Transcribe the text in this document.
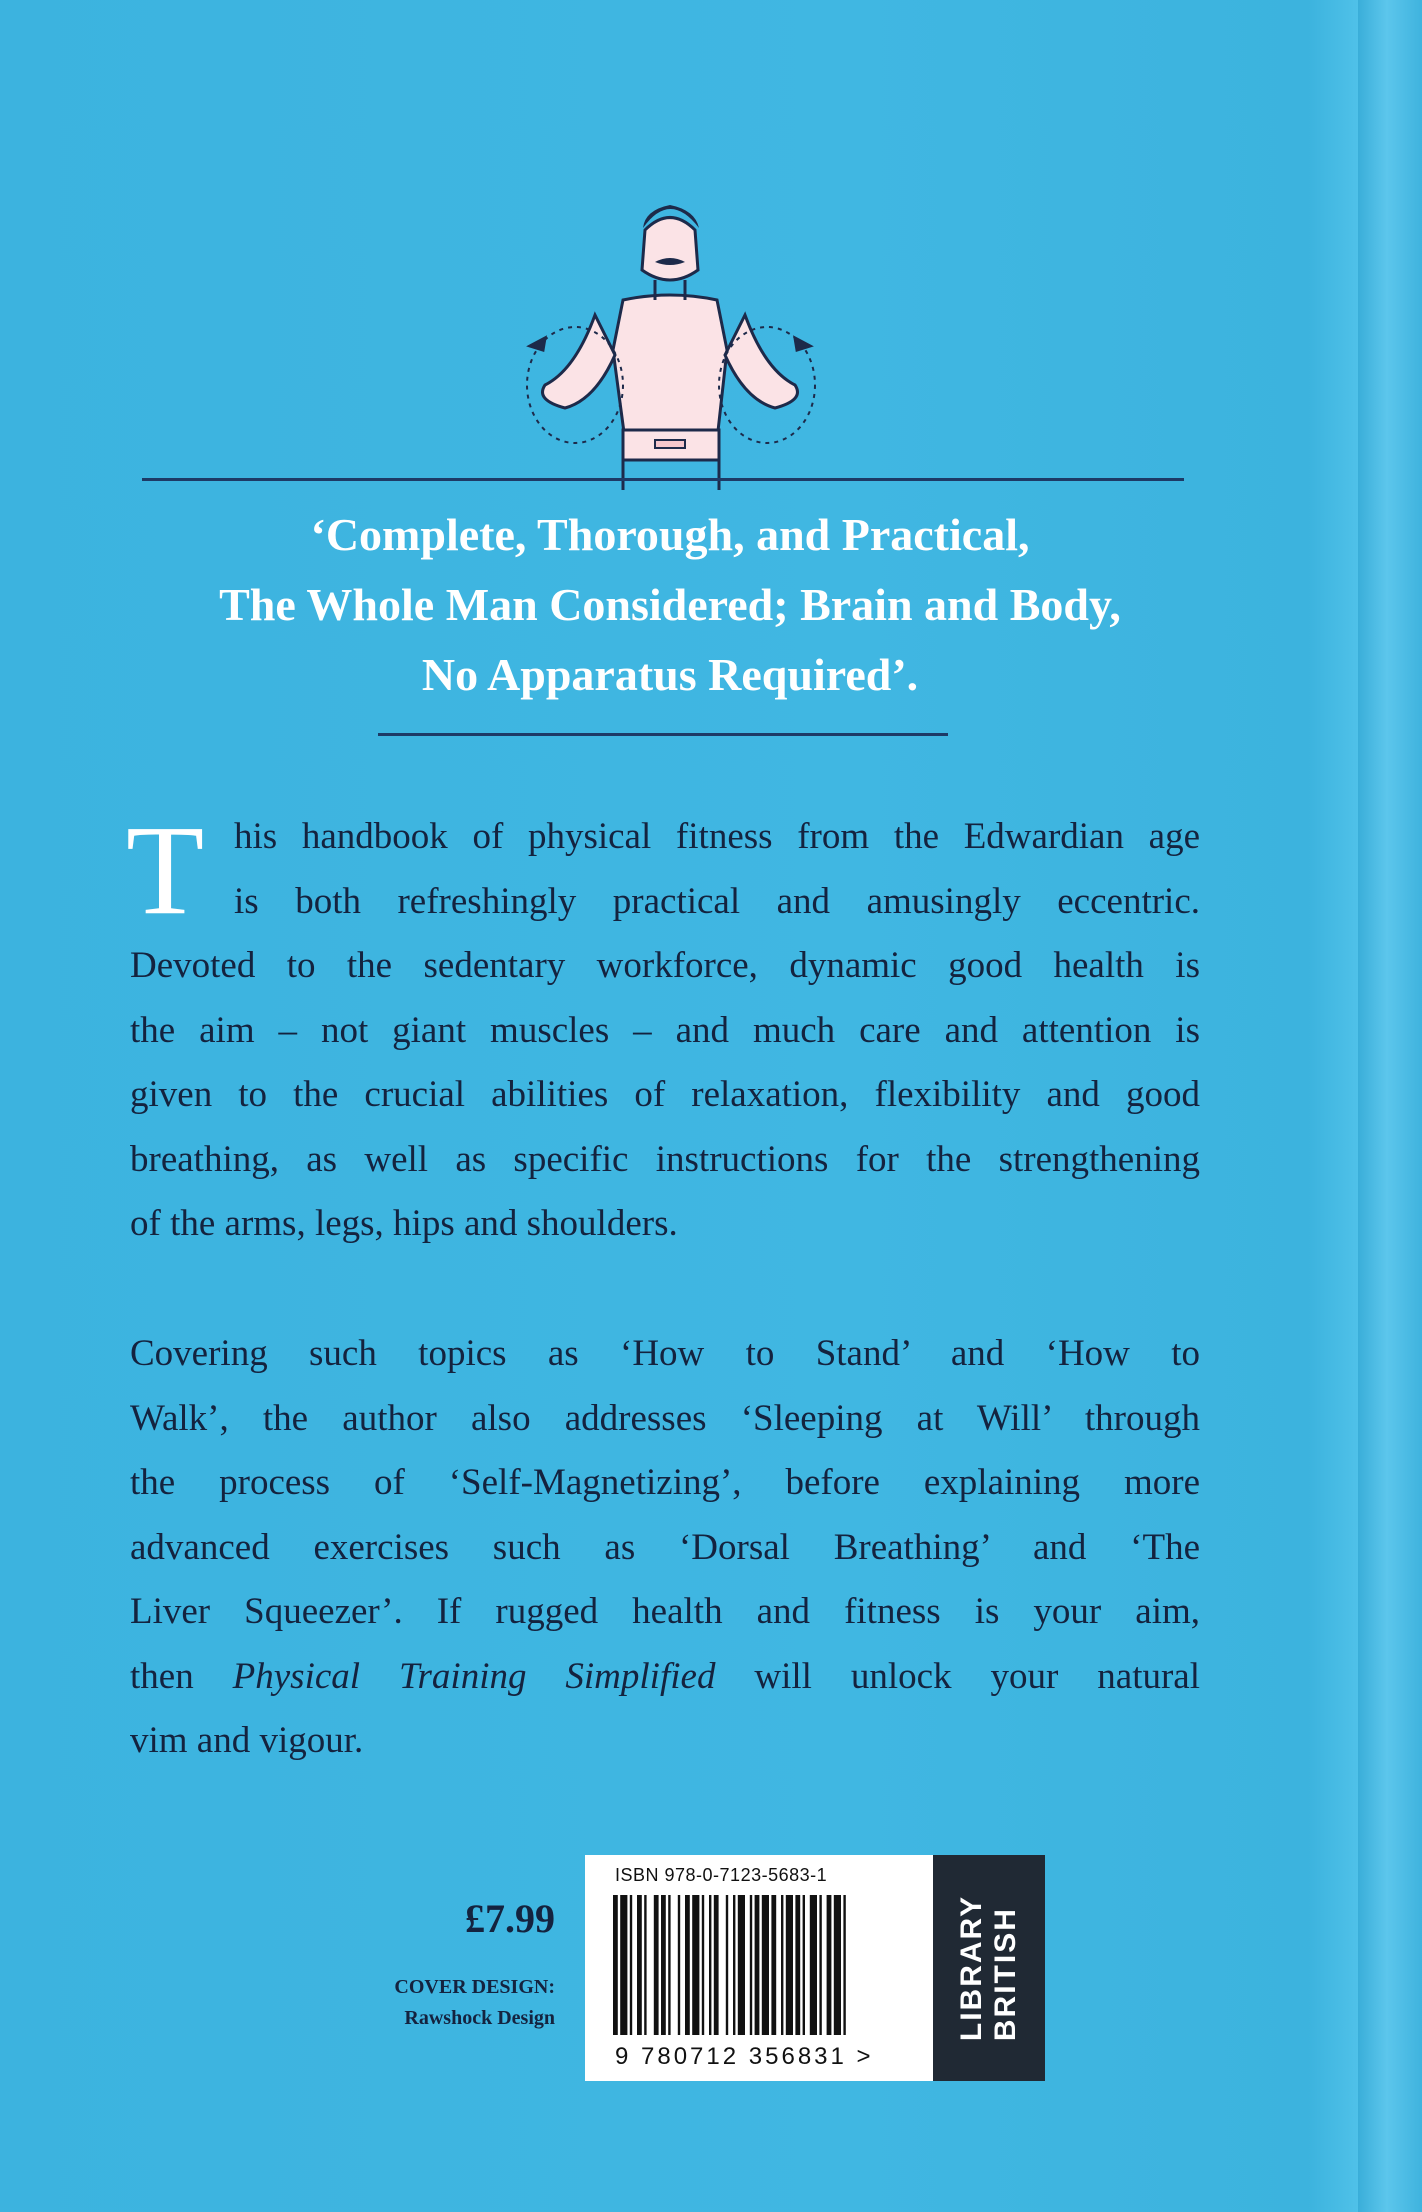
‘Complete, Thorough, and Practical,
The Whole Man Considered; Brain and Body,
No Apparatus Required’.
T his handbook of physical fitness from the Edwardian age
is both refreshingly practical and amusingly eccentric.
Devoted to the sedentary workforce, dynamic good health is
the aim – not giant muscles – and much care and attention is
given to the crucial abilities of relaxation, flexibility and good
breathing, as well as specific instructions for the strengthening
of the arms, legs, hips and shoulders.
Covering such topics as ‘How to Stand’ and ‘How to
Walk’, the author also addresses ‘Sleeping at Will’ through
the process of ‘Self-Magnetizing’, before explaining more
advanced exercises such as ‘Dorsal Breathing’ and ‘The
Liver Squeezer’. If rugged health and fitness is your aim,
then Physical Training Simplified will unlock your natural
vim and vigour.
£7.99
COVER DESIGN:
Rawshock Design
ISBN 978-0-7123-5683-1
9 780712 356831 >
LIBRARY BRITISH
